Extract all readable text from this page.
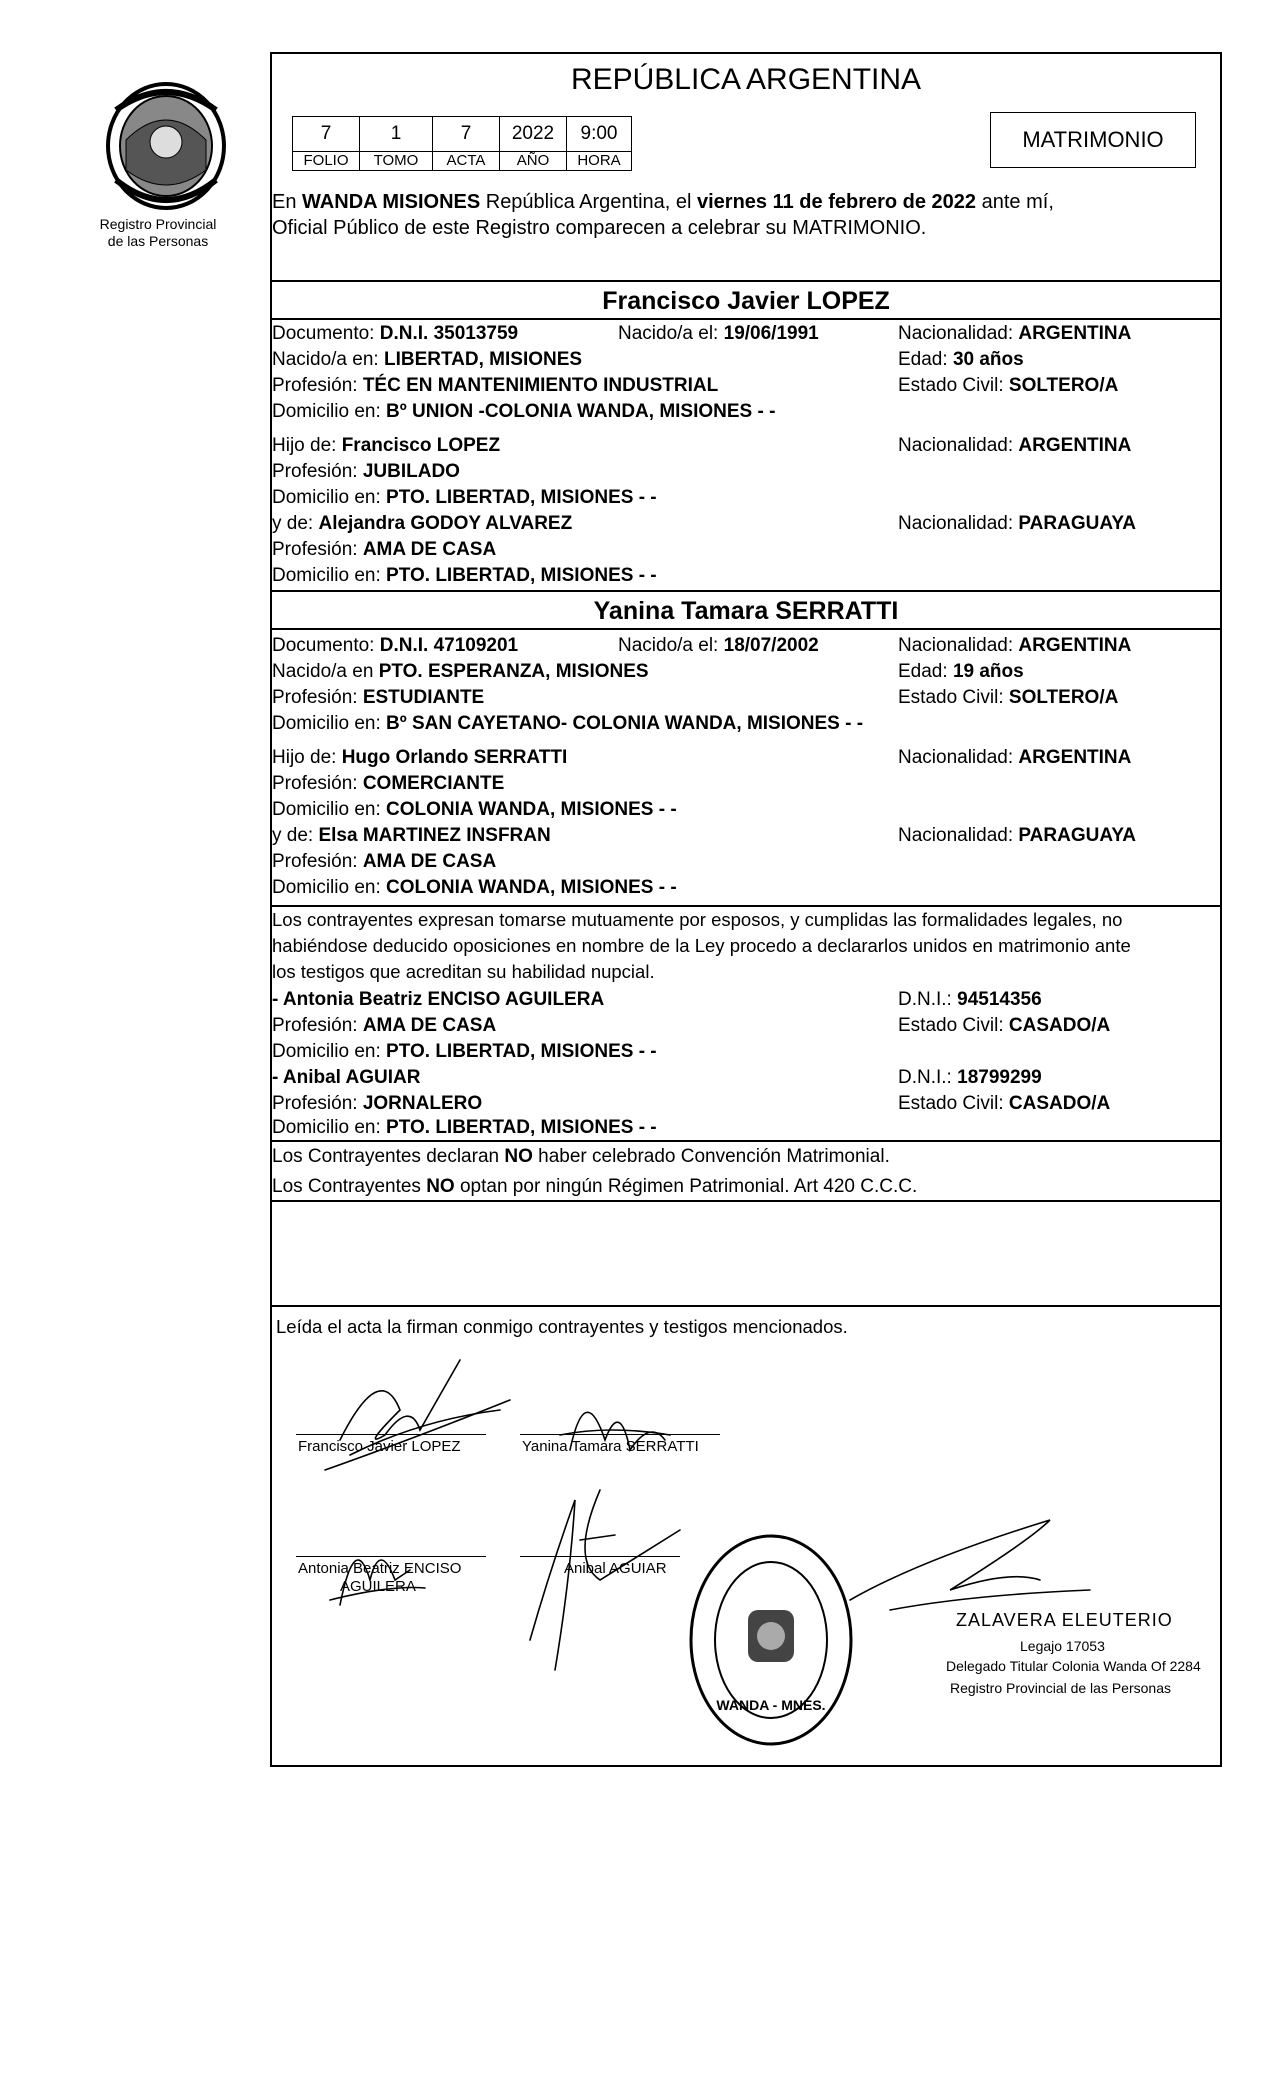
Registro Provincial
de las Personas
REPÚBLICA ARGENTINA
7	1	7	2022	9:00
FOLIO	TOMO	ACTA	AÑO	HORA
MATRIMONIO
En WANDA MISIONES República Argentina, el viernes 11 de febrero de 2022 ante mí,
Oficial Público de este Registro comparecen a celebrar su MATRIMONIO.
Francisco Javier LOPEZ
Documento: D.N.I. 35013759	Nacido/a el: 19/06/1991	Nacionalidad: ARGENTINA
Nacido/a en: LIBERTAD, MISIONES	Edad: 30 años
Profesión: TÉC EN MANTENIMIENTO INDUSTRIAL	Estado Civil: SOLTERO/A
Domicilio en: Bº UNION -COLONIA WANDA, MISIONES - -
Hijo de: Francisco LOPEZ	Nacionalidad: ARGENTINA
Profesión: JUBILADO
Domicilio en: PTO. LIBERTAD, MISIONES - -
y de: Alejandra GODOY ALVAREZ	Nacionalidad: PARAGUAYA
Profesión: AMA DE CASA
Domicilio en: PTO. LIBERTAD, MISIONES - -
Yanina Tamara SERRATTI
Documento: D.N.I. 47109201	Nacido/a el: 18/07/2002	Nacionalidad: ARGENTINA
Nacido/a en PTO. ESPERANZA, MISIONES	Edad: 19 años
Profesión: ESTUDIANTE	Estado Civil: SOLTERO/A
Domicilio en: Bº SAN CAYETANO- COLONIA WANDA, MISIONES - -
Hijo de: Hugo Orlando SERRATTI	Nacionalidad: ARGENTINA
Profesión: COMERCIANTE
Domicilio en: COLONIA WANDA, MISIONES - -
y de: Elsa MARTINEZ INSFRAN	Nacionalidad: PARAGUAYA
Profesión: AMA DE CASA
Domicilio en: COLONIA WANDA, MISIONES - -
Los contrayentes expresan tomarse mutuamente por esposos, y cumplidas las formalidades legales, no
habiéndose deducido oposiciones en nombre de la Ley procedo a declararlos unidos en matrimonio ante
los testigos que acreditan su habilidad nupcial.
- Antonia Beatriz ENCISO AGUILERA	D.N.I.: 94514356
Profesión: AMA DE CASA	Estado Civil: CASADO/A
Domicilio en: PTO. LIBERTAD, MISIONES - -
- Anibal AGUIAR	D.N.I.: 18799299
Profesión: JORNALERO	Estado Civil: CASADO/A
Domicilio en: PTO. LIBERTAD, MISIONES - -
Los Contrayentes declaran NO haber celebrado Convención Matrimonial.
Los Contrayentes NO optan por ningún Régimen Patrimonial. Art 420 C.C.C.
Leída el acta la firman conmigo contrayentes y testigos mencionados.
Francisco Javier LOPEZ	Yanina Tamara SERRATTI
Antonia Beatriz ENCISO
AGUILERA
Anibal AGUIAR
WANDA - MNES.
ZALAVERA ELEUTERIO
Legajo 17053
Delegado Titular Colonia Wanda Of 2284
Registro Provincial de las Personas
